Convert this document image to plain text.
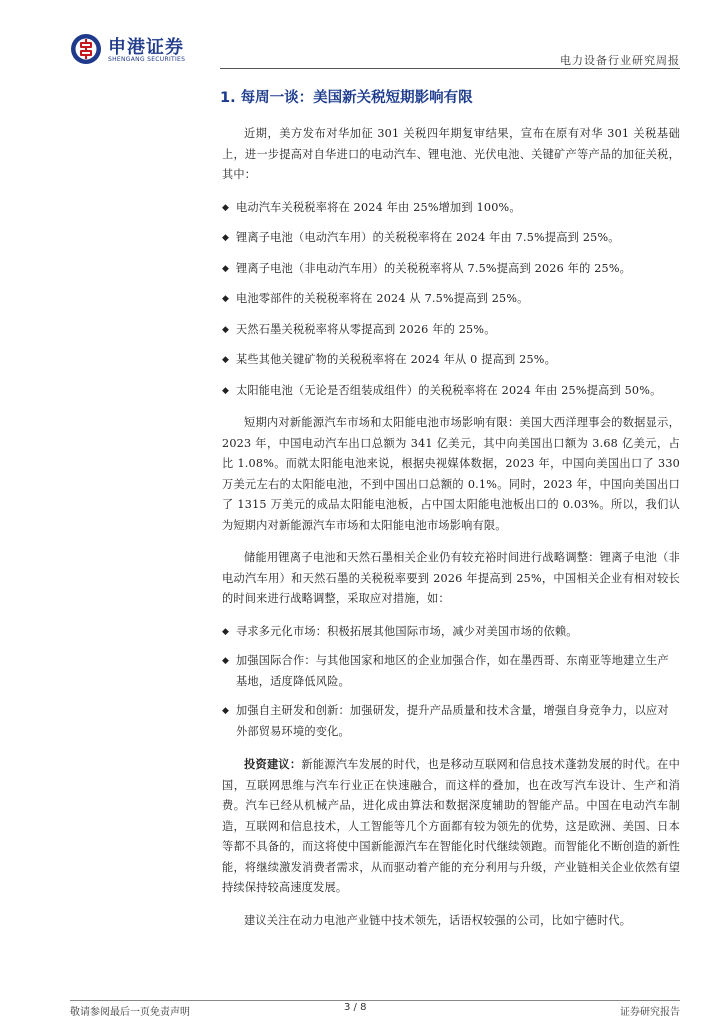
申港证券
SHENGANG SECURITIES	电力设备行业研究周报
1. 每周一谈：美国新关税短期影响有限

近期，美方发布对华加征 301 关税四年期复审结果，宣布在原有对华 301 关税基础上，进一步提高对自华进口的电动汽车、锂电池、光伏电池、关键矿产等产品的加征关税，其中：

◆ 电动汽车关税税率将在 2024 年由 25%增加到 100%。
◆ 锂离子电池（电动汽车用）的关税税率将在 2024 年由 7.5%提高到 25%。
◆ 锂离子电池（非电动汽车用）的关税税率将从 7.5%提高到 2026 年的 25%。
◆ 电池零部件的关税税率将在 2024 从 7.5%提高到 25%。
◆ 天然石墨关税税率将从零提高到 2026 年的 25%。
◆ 某些其他关键矿物的关税税率将在 2024 年从 0 提高到 25%。
◆ 太阳能电池（无论是否组装成组件）的关税税率将在 2024 年由 25%提高到 50%。

短期内对新能源汽车市场和太阳能电池市场影响有限：美国大西洋理事会的数据显示，2023 年，中国电动汽车出口总额为 341 亿美元，其中向美国出口额为 3.68 亿美元，占比 1.08%。而就太阳能电池来说，根据央视媒体数据，2023 年，中国向美国出口了 330 万美元左右的太阳能电池，不到中国出口总额的 0.1%。同时，2023 年，中国向美国出口了 1315 万美元的成品太阳能电池板，占中国太阳能电池板出口的 0.03%。所以，我们认为短期内对新能源汽车市场和太阳能电池市场影响有限。

储能用锂离子电池和天然石墨相关企业仍有较充裕时间进行战略调整：锂离子电池（非电动汽车用）和天然石墨的关税税率要到 2026 年提高到 25%，中国相关企业有相对较长的时间来进行战略调整，采取应对措施，如：

◆ 寻求多元化市场：积极拓展其他国际市场，减少对美国市场的依赖。
◆ 加强国际合作：与其他国家和地区的企业加强合作，如在墨西哥、东南亚等地建立生产基地，适度降低风险。
◆ 加强自主研发和创新：加强研发，提升产品质量和技术含量，增强自身竞争力，以应对外部贸易环境的变化。

投资建议：新能源汽车发展的时代，也是移动互联网和信息技术蓬勃发展的时代。在中国，互联网思维与汽车行业正在快速融合，而这样的叠加，也在改写汽车设计、生产和消费。汽车已经从机械产品，进化成由算法和数据深度辅助的智能产品。中国在电动汽车制造，互联网和信息技术，人工智能等几个方面都有较为领先的优势，这是欧洲、美国、日本等都不具备的，而这将使中国新能源汽车在智能化时代继续领跑。而智能化不断创造的新性能，将继续激发消费者需求，从而驱动着产能的充分利用与升级，产业链相关企业依然有望持续保持较高速度发展。

建议关注在动力电池产业链中技术领先，话语权较强的公司，比如宁德时代。

敬请参阅最后一页免责声明	3 / 8	证券研究报告
